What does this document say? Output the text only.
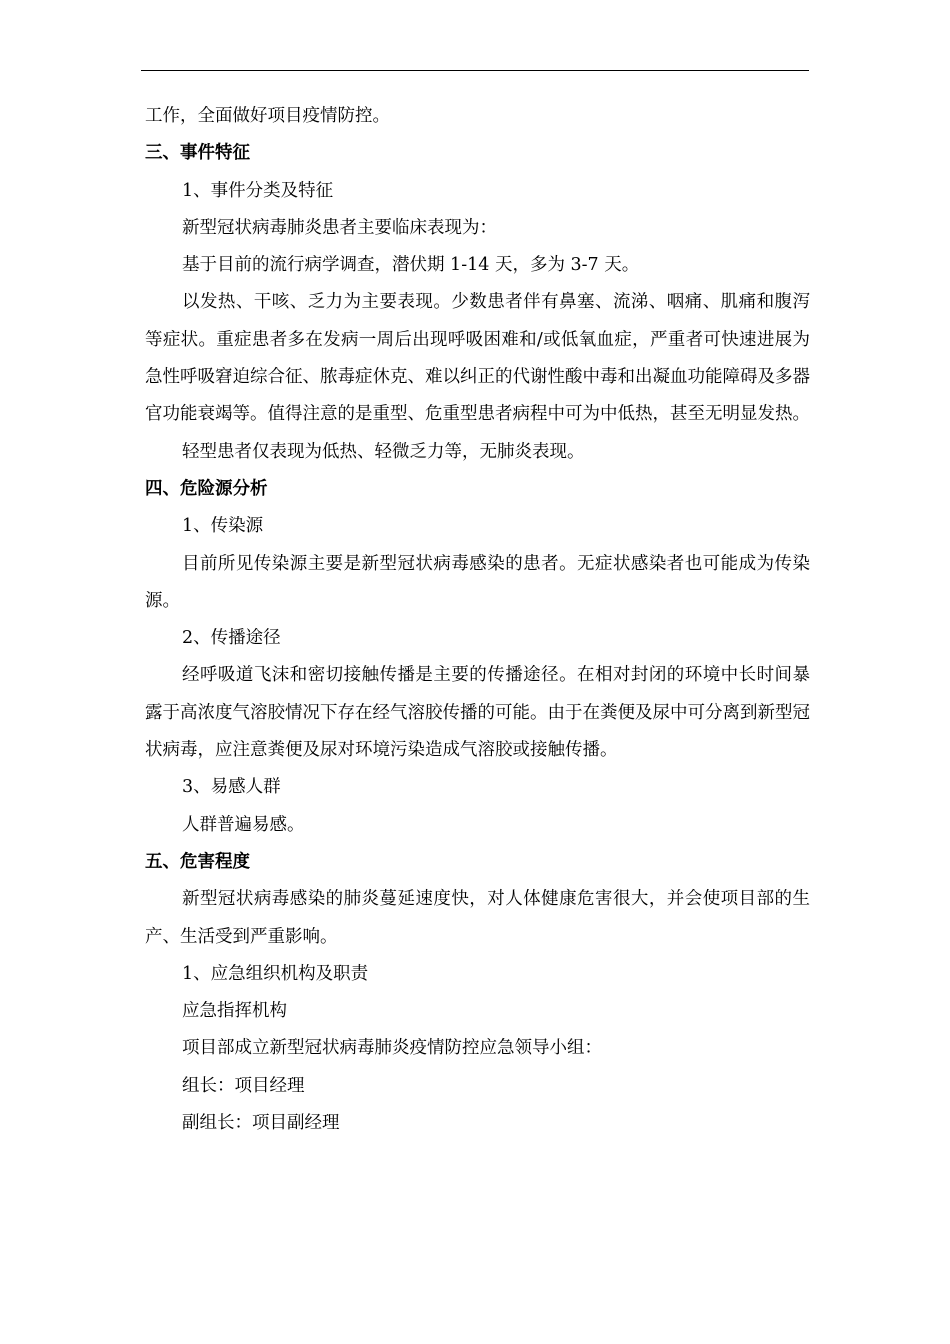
工作，全面做好项目疫情防控。

三、事件特征

1、事件分类及特征

新型冠状病毒肺炎患者主要临床表现为：

基于目前的流行病学调查，潜伏期 1-14 天，多为 3-7 天。

以发热、干咳、乏力为主要表现。少数患者伴有鼻塞、流涕、咽痛、肌痛和腹泻等症状。重症患者多在发病一周后出现呼吸困难和/或低氧血症，严重者可快速进展为急性呼吸窘迫综合征、脓毒症休克、难以纠正的代谢性酸中毒和出凝血功能障碍及多器官功能衰竭等。值得注意的是重型、危重型患者病程中可为中低热，甚至无明显发热。

轻型患者仅表现为低热、轻微乏力等，无肺炎表现。

四、危险源分析

1、传染源

目前所见传染源主要是新型冠状病毒感染的患者。无症状感染者也可能成为传染源。

2、传播途径

经呼吸道飞沫和密切接触传播是主要的传播途径。在相对封闭的环境中长时间暴露于高浓度气溶胶情况下存在经气溶胶传播的可能。由于在粪便及尿中可分离到新型冠状病毒，应注意粪便及尿对环境污染造成气溶胶或接触传播。

3、易感人群

人群普遍易感。

五、危害程度

新型冠状病毒感染的肺炎蔓延速度快，对人体健康危害很大，并会使项目部的生产、生活受到严重影响。

1、应急组织机构及职责

应急指挥机构

项目部成立新型冠状病毒肺炎疫情防控应急领导小组：

组长：项目经理

副组长：项目副经理
